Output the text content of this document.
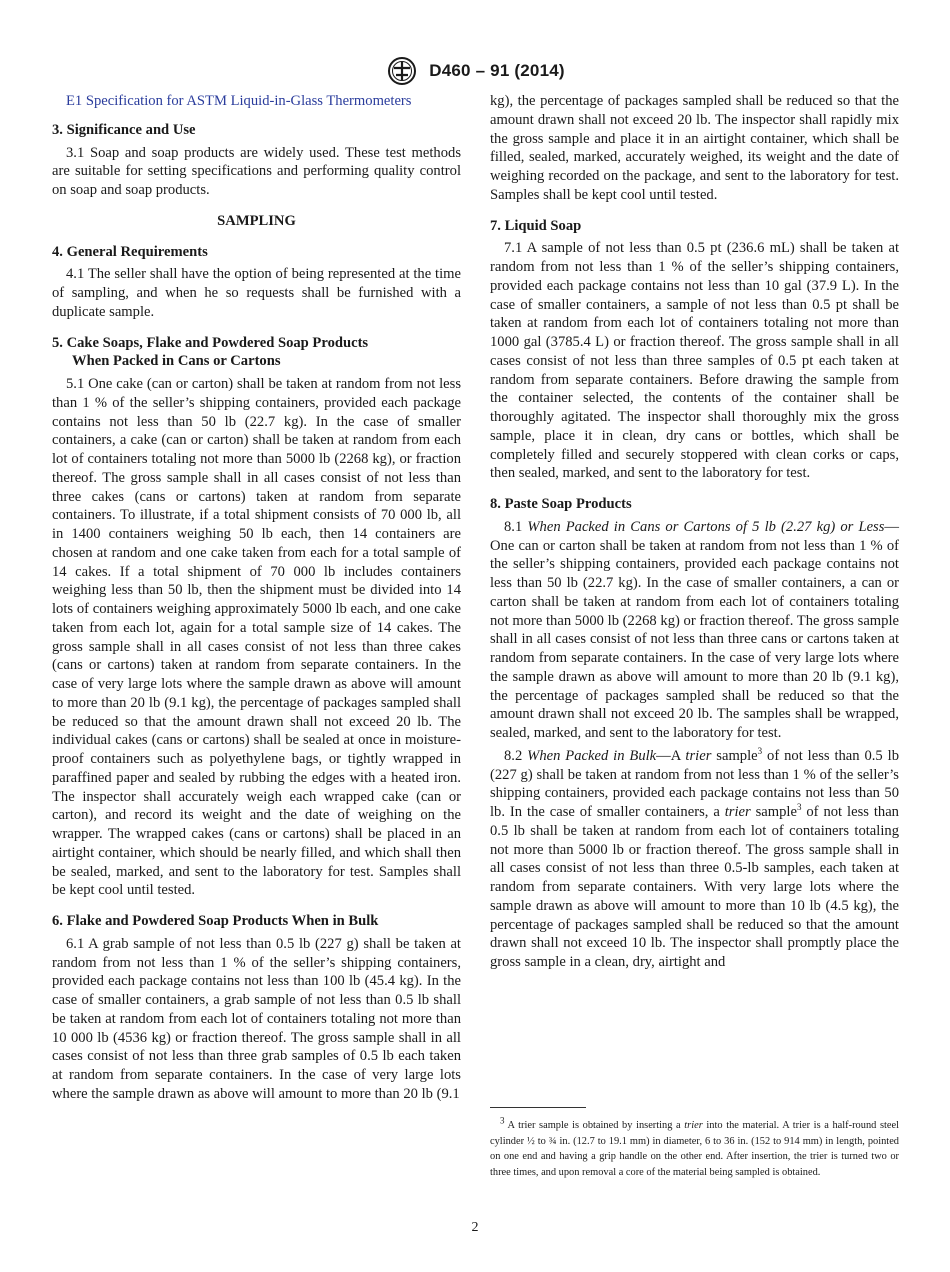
D460 – 91 (2014)

E1 Specification for ASTM Liquid-in-Glass Thermometers

3. Significance and Use

3.1 Soap and soap products are widely used. These test methods are suitable for setting specifications and performing quality control on soap and soap products.

SAMPLING

4. General Requirements

4.1 The seller shall have the option of being represented at the time of sampling, and when he so requests shall be furnished with a duplicate sample.

5. Cake Soaps, Flake and Powdered Soap Products
When Packed in Cans or Cartons

5.1 One cake (can or carton) shall be taken at random from not less than 1 % of the seller’s shipping containers, provided each package contains not less than 50 lb (22.7 kg). In the case of smaller containers, a cake (can or carton) shall be taken at random from each lot of containers totaling not more than 5000 lb (2268 kg), or fraction thereof. The gross sample shall in all cases consist of not less than three cakes (cans or cartons) taken at random from separate containers. To illustrate, if a total shipment consists of 70 000 lb, all in 1400 containers weighing 50 lb each, then 14 containers are chosen at random and one cake taken from each for a total sample of 14 cakes. If a total shipment of 70 000 lb includes containers weighing less than 50 lb, then the shipment must be divided into 14 lots of containers weighing approximately 5000 lb each, and one cake taken from each lot, again for a total sample size of 14 cakes. The gross sample shall in all cases consist of not less than three cakes (cans or cartons) taken at random from separate containers. In the case of very large lots where the sample drawn as above will amount to more than 20 lb (9.1 kg), the percentage of packages sampled shall be reduced so that the amount drawn shall not exceed 20 lb. The individual cakes (cans or cartons) shall be sealed at once in moisture-proof containers such as polyethylene bags, or tightly wrapped in paraffined paper and sealed by rubbing the edges with a heated iron. The inspector shall accurately weigh each wrapped cake (can or carton), and record its weight and the date of weighing on the wrapper. The wrapped cakes (cans or cartons) shall be placed in an airtight container, which should be nearly filled, and which shall then be sealed, marked, and sent to the laboratory for test. Samples shall be kept cool until tested.

6. Flake and Powdered Soap Products When in Bulk

6.1 A grab sample of not less than 0.5 lb (227 g) shall be taken at random from not less than 1 % of the seller’s shipping containers, provided each package contains not less than 100 lb (45.4 kg). In the case of smaller containers, a grab sample of not less than 0.5 lb shall be taken at random from each lot of containers totaling not more than 10 000 lb (4536 kg) or fraction thereof. The gross sample shall in all cases consist of not less than three grab samples of 0.5 lb each taken at random from separate containers. In the case of very large lots where the sample drawn as above will amount to more than 20 lb (9.1

kg), the percentage of packages sampled shall be reduced so that the amount drawn shall not exceed 20 lb. The inspector shall rapidly mix the gross sample and place it in an airtight container, which shall be filled, sealed, marked, accurately weighed, its weight and the date of weighing recorded on the package, and sent to the laboratory for test. Samples shall be kept cool until tested.

7. Liquid Soap

7.1 A sample of not less than 0.5 pt (236.6 mL) shall be taken at random from not less than 1 % of the seller’s shipping containers, provided each package contains not less than 10 gal (37.9 L). In the case of smaller containers, a sample of not less than 0.5 pt shall be taken at random from each lot of containers totaling not more than 1000 gal (3785.4 L) or fraction thereof. The gross sample shall in all cases consist of not less than three samples of 0.5 pt each taken at random from separate containers. Before drawing the sample from the container selected, the contents of the container shall be thoroughly agitated. The inspector shall thoroughly mix the gross sample, place it in clean, dry cans or bottles, which shall be completely filled and securely stoppered with clean corks or caps, then sealed, marked, and sent to the laboratory for test.

8. Paste Soap Products

8.1 When Packed in Cans or Cartons of 5 lb (2.27 kg) or Less—One can or carton shall be taken at random from not less than 1 % of the seller’s shipping containers, provided each package contains not less than 50 lb (22.7 kg). In the case of smaller containers, a can or carton shall be taken at random from each lot of containers totaling not more than 5000 lb (2268 kg) or fraction thereof. The gross sample shall in all cases consist of not less than three cans or cartons taken at random from separate containers. In the case of very large lots where the sample drawn as above will amount to more than 20 lb (9.1 kg), the percentage of packages sampled shall be reduced so that the amount drawn shall not exceed 20 lb. The samples shall be wrapped, sealed, marked, and sent to the laboratory for test.

8.2 When Packed in Bulk—A trier sample$^3$ of not less than 0.5 lb (227 g) shall be taken at random from not less than 1 % of the seller’s shipping containers, provided each package contains not less than 50 lb. In the case of smaller containers, a trier sample$^3$ of not less than 0.5 lb shall be taken at random from each lot of containers totaling not more than 5000 lb or fraction thereof. The gross sample shall in all cases consist of not less than three 0.5-lb samples, each taken at random from separate containers. With very large lots where the sample drawn as above will amount to more than 10 lb (4.5 kg), the percentage of packages sampled shall be reduced so that the amount drawn shall not exceed 10 lb. The inspector shall promptly place the gross sample in a clean, dry, airtight and

$^3$ A trier sample is obtained by inserting a trier into the material. A trier is a half-round steel cylinder ½ to ¾ in. (12.7 to 19.1 mm) in diameter, 6 to 36 in. (152 to 914 mm) in length, pointed on one end and having a grip handle on the other end. After insertion, the trier is turned two or three times, and upon removal a core of the material being sampled is obtained.

2
